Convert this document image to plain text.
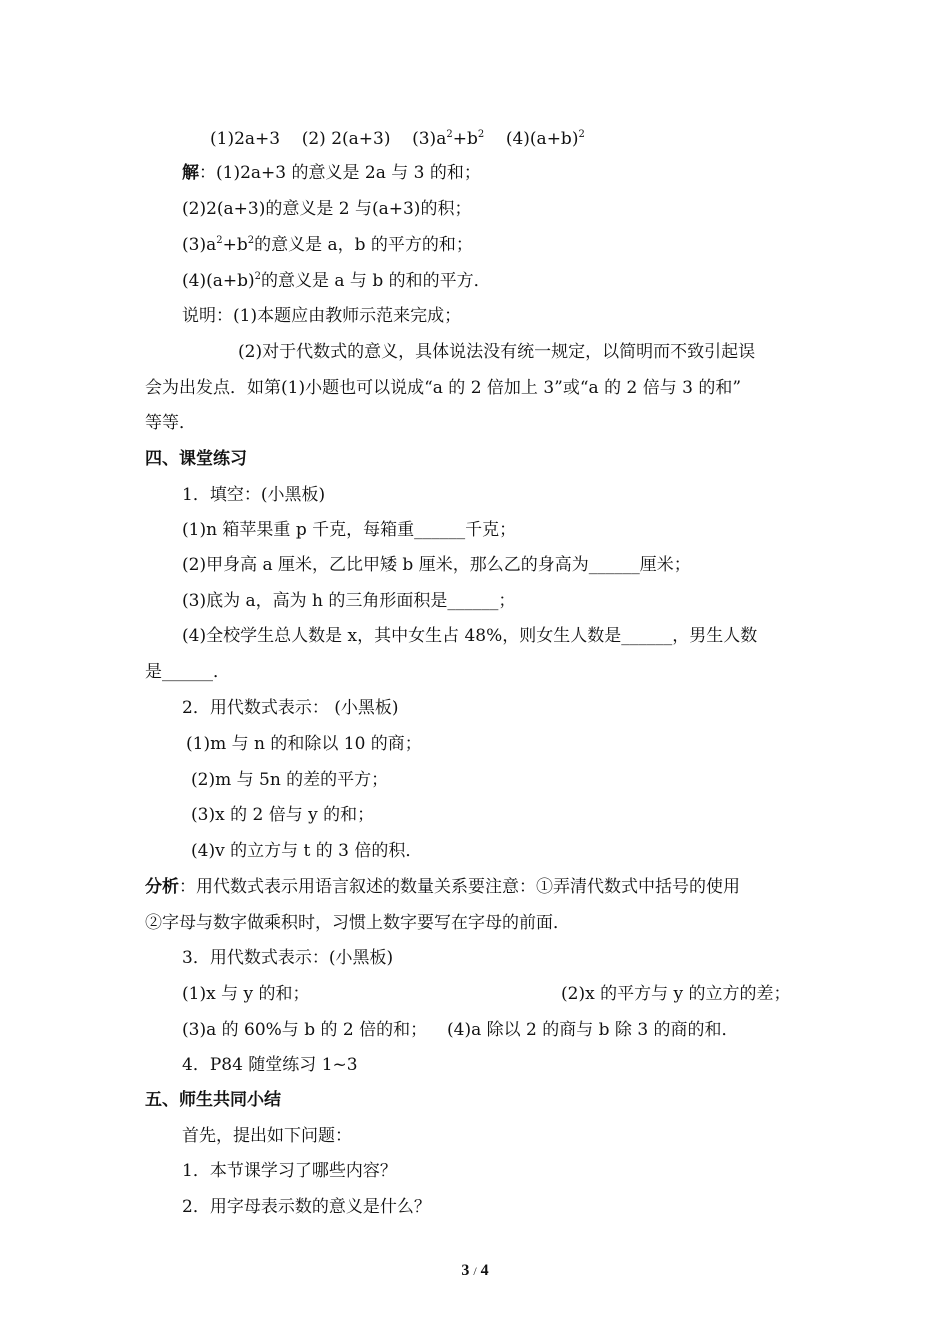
(1)2a+3 (2) 2(a+3) $(3)a^2+b^2$ $(4)(a+b)^2$
解：(1)2a+3 的意义是 2a 与 3 的和；
(2)2(a+3)的意义是 2 与(a+3)的积；
$(3)a^2+b^2$的意义是 a，b 的平方的和；
$(4)(a+b)^2$的意义是 a 与 b 的和的平方．
说明：(1)本题应由教师示范来完成；
(2)对于代数式的意义，具体说法没有统一规定，以简明而不致引起误
会为出发点．如第(1)小题也可以说成“a 的 2 倍加上 3”或“a 的 2 倍与 3 的和”
等等．
四、课堂练习
1．填空：(小黑板)
(1)n 箱苹果重 p 千克，每箱重______千克；
(2)甲身高 a 厘米，乙比甲矮 b 厘米，那么乙的身高为______厘米；
(3)底为 a，高为 h 的三角形面积是______；
(4)全校学生总人数是 x，其中女生占 48%，则女生人数是______，男生人数
是______．
2．用代数式表示： (小黑板)
(1)m 与 n 的和除以 10 的商；
(2)m 与 5n 的差的平方；
(3)x 的 2 倍与 y 的和；
(4)v 的立方与 t 的 3 倍的积．
分析：用代数式表示用语言叙述的数量关系要注意：①弄清代数式中括号的使用
②字母与数字做乘积时，习惯上数字要写在字母的前面．
3．用代数式表示：(小黑板)
(1)x 与 y 的和；	(2)x 的平方与 y 的立方的差；
(3)a 的 60%与 b 的 2 倍的和； (4)a 除以 2 的商与 b 除 3 的商的和．
4．P84 随堂练习 1~3
五、师生共同小结
首先，提出如下问题：
1．本节课学习了哪些内容？
2．用字母表示数的意义是什么？
3 / 4
